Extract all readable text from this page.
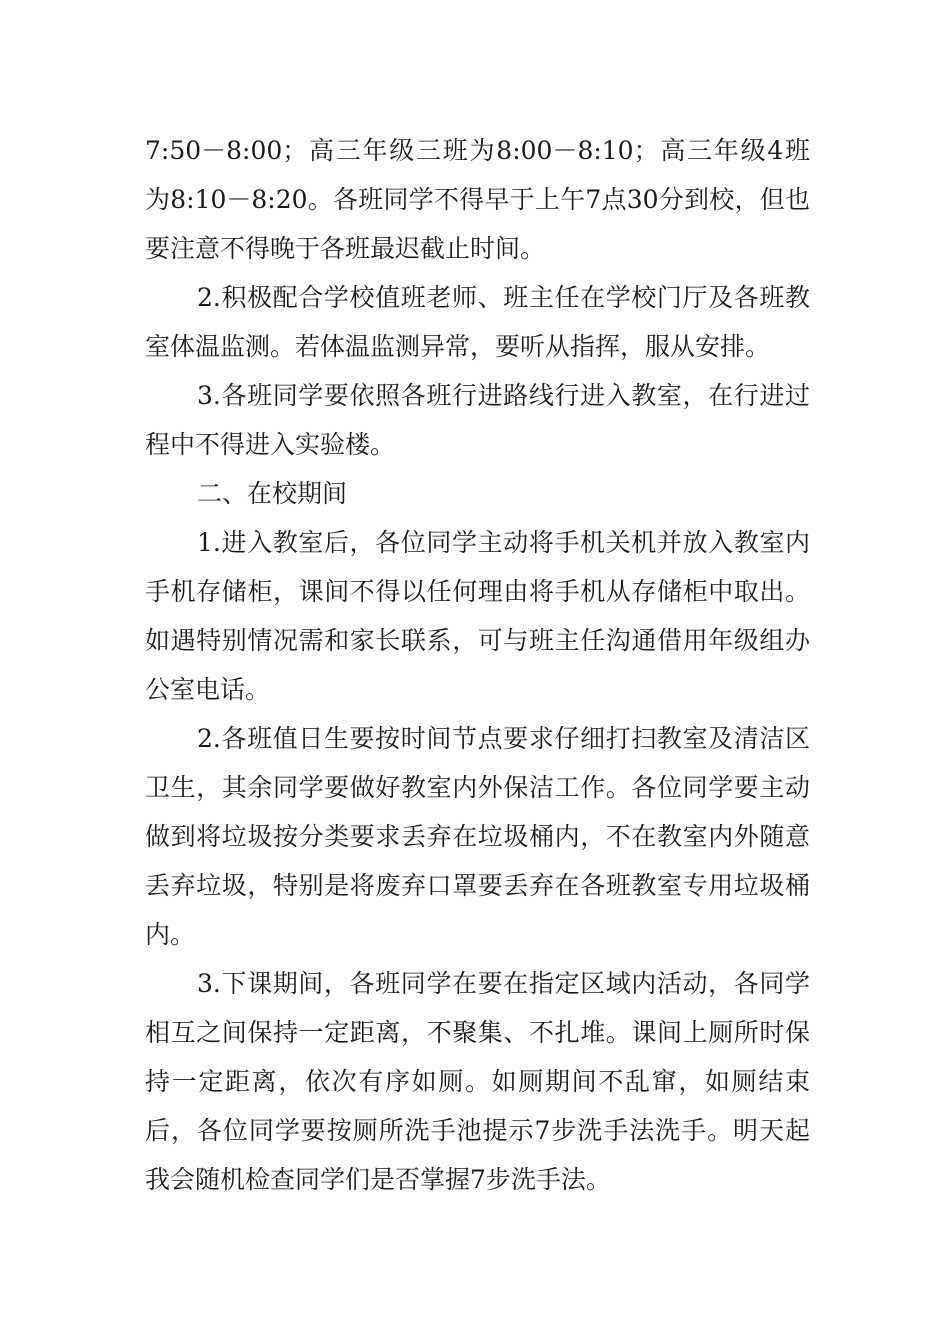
7:50－8:00；高三年级三班为8:00－8:10；高三年级4班为8:10－8:20。各班同学不得早于上午7点30分到校，但也要注意不得晚于各班最迟截止时间。

2.积极配合学校值班老师、班主任在学校门厅及各班教室体温监测。若体温监测异常，要听从指挥，服从安排。

3.各班同学要依照各班行进路线行进入教室，在行进过程中不得进入实验楼。

二、在校期间

1.进入教室后，各位同学主动将手机关机并放入教室内手机存储柜，课间不得以任何理由将手机从存储柜中取出。如遇特别情况需和家长联系，可与班主任沟通借用年级组办公室电话。

2.各班值日生要按时间节点要求仔细打扫教室及清洁区卫生，其余同学要做好教室内外保洁工作。各位同学要主动做到将垃圾按分类要求丢弃在垃圾桶内，不在教室内外随意丢弃垃圾，特别是将废弃口罩要丢弃在各班教室专用垃圾桶内。

3.下课期间，各班同学在要在指定区域内活动，各同学相互之间保持一定距离，不聚集、不扎堆。课间上厕所时保持一定距离，依次有序如厕。如厕期间不乱窜，如厕结束后，各位同学要按厕所洗手池提示7步洗手法洗手。明天起我会随机检查同学们是否掌握7步洗手法。
